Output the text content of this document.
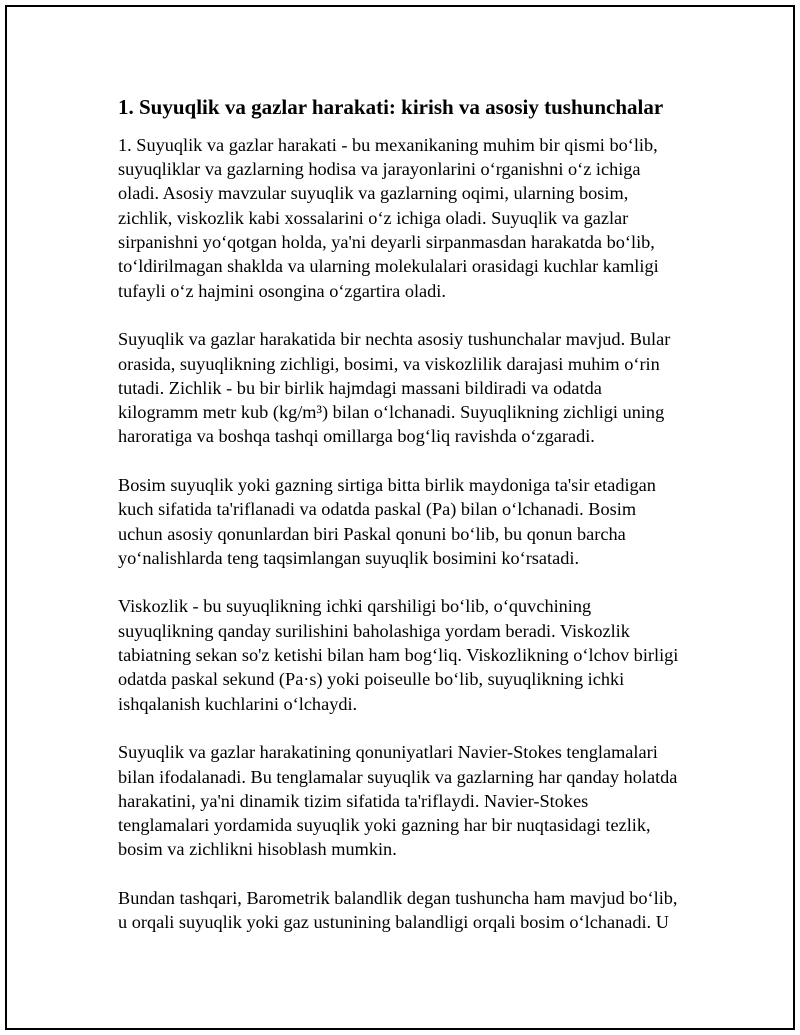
1. Suyuqlik va gazlar harakati: kirish va asosiy tushunchalar
1. Suyuqlik va gazlar harakati - bu mexanikaning muhim bir qismi bo‘lib,
suyuqliklar va gazlarning hodisa va jarayonlarini o‘rganishni o‘z ichiga
oladi. Asosiy mavzular suyuqlik va gazlarning oqimi, ularning bosim,
zichlik, viskozlik kabi xossalarini o‘z ichiga oladi. Suyuqlik va gazlar
sirpanishni yo‘qotgan holda, ya'ni deyarli sirpanmasdan harakatda bo‘lib,
to‘ldirilmagan shaklda va ularning molekulalari orasidagi kuchlar kamligi
tufayli o‘z hajmini osongina o‘zgartira oladi.
Suyuqlik va gazlar harakatida bir nechta asosiy tushunchalar mavjud. Bular
orasida, suyuqlikning zichligi, bosimi, va viskozlilik darajasi muhim o‘rin
tutadi. Zichlik - bu bir birlik hajmdagi massani bildiradi va odatda
kilogramm metr kub (kg/m³) bilan o‘lchanadi. Suyuqlikning zichligi uning
haroratiga va boshqa tashqi omillarga bog‘liq ravishda o‘zgaradi.
Bosim suyuqlik yoki gazning sirtiga bitta birlik maydoniga ta'sir etadigan
kuch sifatida ta'riflanadi va odatda paskal (Pa) bilan o‘lchanadi. Bosim
uchun asosiy qonunlardan biri Paskal qonuni bo‘lib, bu qonun barcha
yo‘nalishlarda teng taqsimlangan suyuqlik bosimini ko‘rsatadi.
Viskozlik - bu suyuqlikning ichki qarshiligi bo‘lib, o‘quvchining
suyuqlikning qanday surilishini baholashiga yordam beradi. Viskozlik
tabiatning sekan so'z ketishi bilan ham bog‘liq. Viskozlikning o‘lchov birligi
odatda paskal sekund (Pa·s) yoki poiseulle bo‘lib, suyuqlikning ichki
ishqalanish kuchlarini o‘lchaydi.
Suyuqlik va gazlar harakatining qonuniyatlari Navier-Stokes tenglamalari
bilan ifodalanadi. Bu tenglamalar suyuqlik va gazlarning har qanday holatda
harakatini, ya'ni dinamik tizim sifatida ta'riflaydi. Navier-Stokes
tenglamalari yordamida suyuqlik yoki gazning har bir nuqtasidagi tezlik,
bosim va zichlikni hisoblash mumkin.
Bundan tashqari, Barometrik balandlik degan tushuncha ham mavjud bo‘lib,
u orqali suyuqlik yoki gaz ustunining balandligi orqali bosim o‘lchanadi. U
